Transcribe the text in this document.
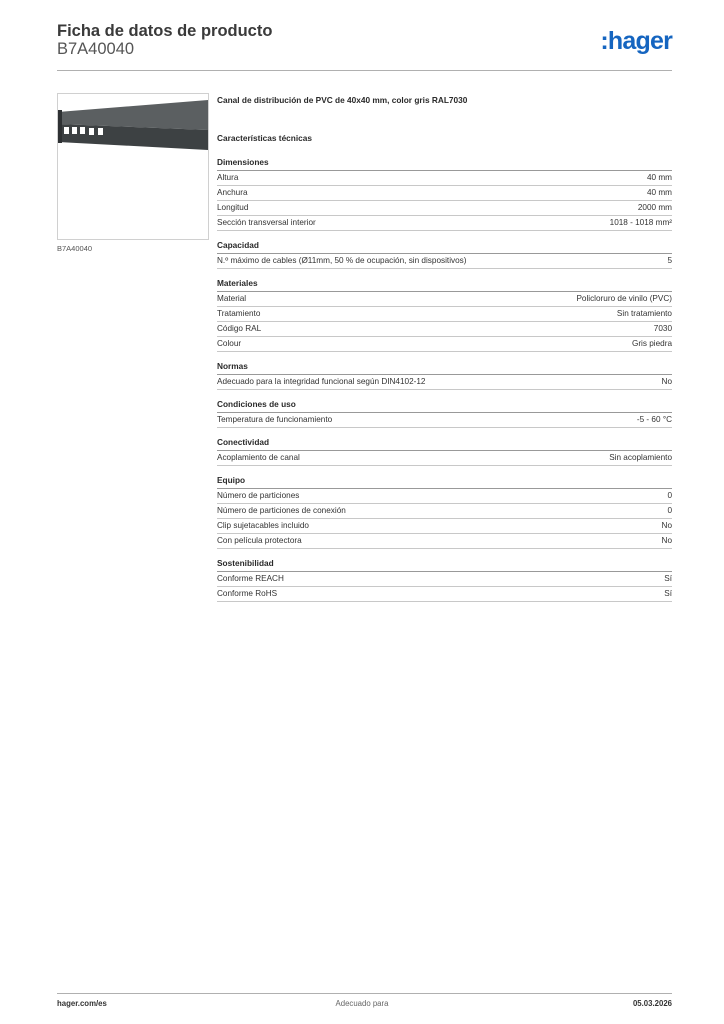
Ficha de datos de producto
B7A40040	:hager
B7A40040
Canal de distribución de PVC de 40x40 mm, color gris RAL7030
Características técnicas
Dimensiones
Altura	40 mm
Anchura	40 mm
Longitud	2000 mm
Sección transversal interior	1018 - 1018 mm²
Capacidad
N.º máximo de cables (Ø11mm, 50 % de ocupación, sin dispositivos)	5
Materiales
Material	Policloruro de vinilo (PVC)
Tratamiento	Sin tratamiento
Código RAL	7030
Colour	Gris piedra
Normas
Adecuado para la integridad funcional según DIN4102-12	No
Condiciones de uso
Temperatura de funcionamiento	-5 - 60 °C
Conectividad
Acoplamiento de canal	Sin acoplamiento
Equipo
Número de particiones	0
Número de particiones de conexión	0
Clip sujetacables incluido	No
Con película protectora	No
Sostenibilidad
Conforme REACH	Sí
Conforme RoHS	Sí
hager.com/es	Adecuado para	05.03.2026
